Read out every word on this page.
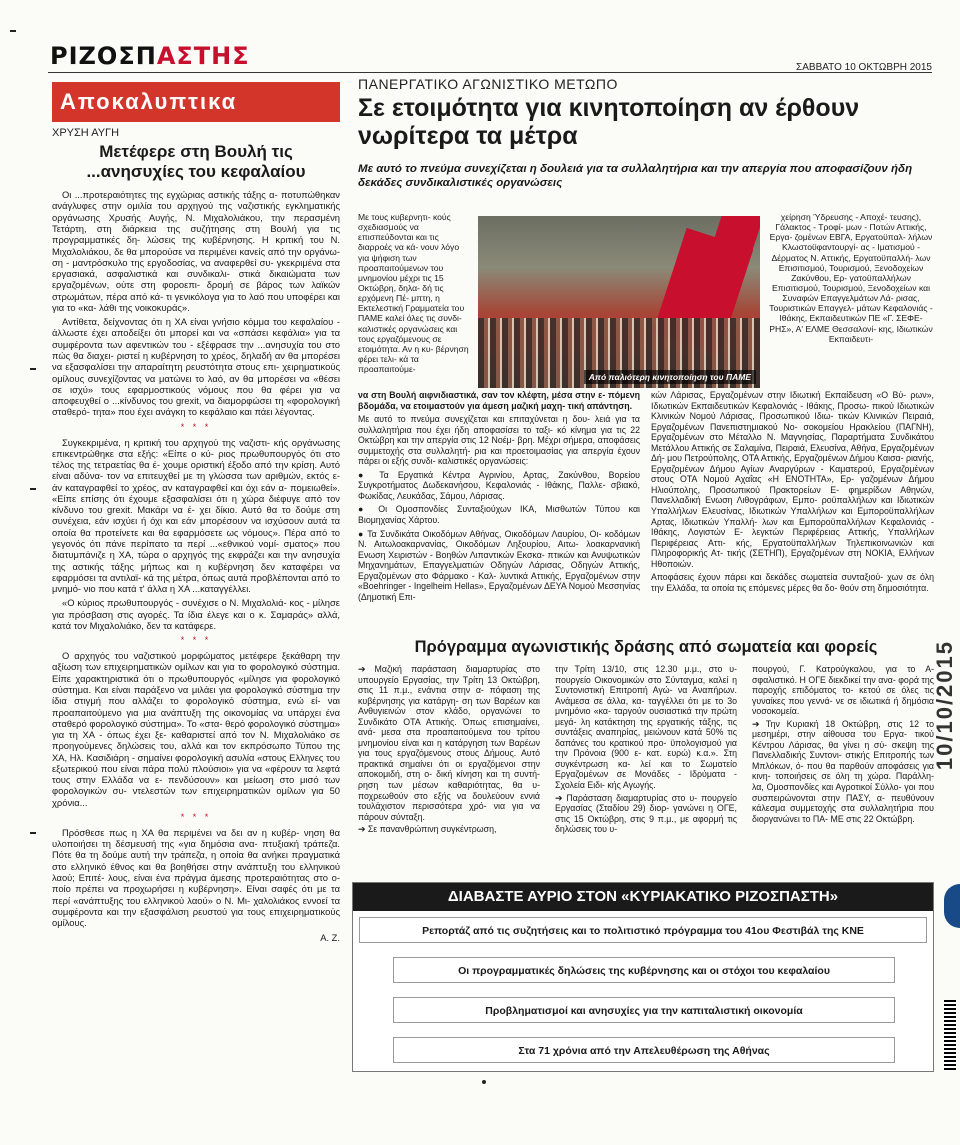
ΡΙΖΟΣΠΑΣΤΗΣ	ΣΑΒΒΑΤΟ 10 ΟΚΤΩΒΡΗ 2015
Αποκαλυπτικα
ΧΡΥΣΗ ΑΥΓΗ
Μετέφερε στη Βουλή τις ...ανησυχίες του κεφαλαίου

Οι ...προτεραιότητες της εγχώριας αστικής τάξης α- ποτυπώθηκαν ανάγλυφες στην ομιλία του αρχηγού της ναζιστικής εγκληματικής οργάνωσης Χρυσής Αυγής, Ν. Μιχαλολιάκου, την περασμένη Τετάρτη, στη διάρκεια της συζήτησης στη Βουλή για τις προγραμματικές δη- λώσεις της κυβέρνησης. Η κριτική του Ν. Μιχαλολιάκου, δε θα μπορούσε να περιμένει κανείς από την οργάνω- ση - μαντρόσκυλο της εργοδοσίας, να αναφερθεί συ- γκεκριμένα στα εργασιακά, ασφαλιστικά και συνδικαλι- στικά δικαιώματα των εργαζομένων, ούτε στη φοροεπι- δρομή σε βάρος των λαϊκών στρωμάτων, πέρα από κά- τι γενικόλογα για το λαό που υποφέρει και για το «κα- λάθι της νοικοκυράς».

Αντίθετα, δείχνοντας ότι η ΧΑ είναι γνήσιο κόμμα του κεφαλαίου - άλλωστε έχει αποδείξει ότι μπορεί και να «σπάσει κεφάλια» για τα συμφέροντα των αφεντικών του - εξέφρασε την ...ανησυχία του στο πώς θα διαχει- ριστεί η κυβέρνηση το χρέος, δηλαδή αν θα μπορέσει να εξασφαλίσει την απαραίτητη ρευστότητα στους επι- χειρηματικούς ομίλους συνεχίζοντας να ματώνει το λαό, αν θα μπορέσει να «θέσει σε ισχύ» τους εφαρμοστικούς νόμους που θα φέρει για να αποφευχθεί ο ...κίνδυνος του grexit, να διαμορφώσει τη «φορολογική σταθερό- τητα» που έχει ανάγκη το κεφάλαιο και πάει λέγοντας.

* * *

Συγκεκριμένα, η κριτική του αρχηγού της ναζιστι- κής οργάνωσης επικεντρώθηκε στα εξής: «Είπε ο κύ- ριος πρωθυπουργός ότι στο τέλος της τετραετίας θα έ- χουμε οριστική έξοδο από την κρίση. Αυτό είναι αδύνα- τον να επιτευχθεί με τη γλώσσα των αριθμών, εκτός ε- άν καταγραφθεί το χρέος, αν καταγραφθεί και όχι εάν α- πομειωθεί». «Είπε επίσης ότι έχουμε εξασφαλίσει ότι η χώρα διέφυγε από τον κίνδυνο του grexit. Μακάρι να έ- χει δίκιο. Αυτό θα το δούμε στη συνέχεια, εάν ισχύει ή όχι και εάν μπορέσουν να ισχύσουν αυτά τα οποία θα προτείνετε και θα εφαρμόσετε ως νόμους». Πέρα από το γεγονός ότι πάνε περίπατο τα περί ...«εθνικού νομί- σματος» που διατυμπάνιζε η ΧΑ, τώρα ο αρχηγός της εκφράζει και την ανησυχία της αστικής τάξης μήπως και η κυβέρνηση δεν καταφέρει να εφαρμόσει τα αντιλαϊ- κά της μέτρα, όπως αυτά προβλέπονται από το μνημό- νιο που κατά τ' άλλα η ΧΑ ...καταγγέλλει.

«Ο κύριος πρωθυπουργός - συνέχισε ο Ν. Μιχαλολιά- κος - μίλησε για πρόσβαση στις αγορές. Τα ίδια έλεγε και ο κ. Σαμαράς» αλλά, κατά τον Μιχαλολιάκο, δεν τα κατάφερε.

* * *

Ο αρχηγός του ναζιστικού μορφώματος μετέφερε ξεκάθαρη την αξίωση των επιχειρηματικών ομίλων και για το φορολογικό σύστημα. Είπε χαρακτηριστικά ότι ο πρωθυπουργός «μίλησε για φορολογικό σύστημα. Και είναι παράξενο να μιλάει για φορολογικό σύστημα την ίδια στιγμή που αλλάζει το φορολογικό σύστημα, ενώ εί- ναι προαπαιτούμενο για μια ανάπτυξη της οικονομίας να υπάρχει ένα σταθερό φορολογικό σύστημα». Το «στα- θερό φορολογικό σύστημα» για τη ΧΑ - όπως έχει ξε- καθαριστεί από τον Ν. Μιχαλολιάκο σε προηγούμενες δηλώσεις του, αλλά και τον εκπρόσωπο Τύπου της ΧΑ, Ηλ. Κασιδιάρη - σημαίνει φορολογική ασυλία «στους Ελληνες του εξωτερικού που είναι πάρα πολύ πλούσιοι» για να «φέρουν τα λεφτά τους στην Ελλάδα να ε- πενδύσουν» και μείωση στο μισό των φορολογικών συ- ντελεστών των επιχειρηματικών ομίλων για 50 χρόνια...

* * *

Πρόσθεσε πως η ΧΑ θα περιμένει να δει αν η κυβέρ- νηση θα υλοποιήσει τη δέσμευσή της «για δημόσια ανα- πτυξιακή τράπεζα. Πότε θα τη δούμε αυτή την τράπεζα, η οποία θα ανήκει πραγματικά στο ελληνικό έθνος και θα βοηθήσει στην ανάπτυξη του ελληνικού λαού; Επιτέ- λους, είναι ένα πράγμα άμεσης προτεραιότητας στο ο- ποίο πρέπει να προχωρήσει η κυβέρνηση». Είναι σαφές ότι με τα περί «ανάπτυξης του ελληνικού λαού» ο Ν. Μι- χαλολιάκος εννοεί τα συμφέροντα και την εξασφάλιση ρευστού για τους επιχειρηματικούς ομίλους.

Α. Ζ.
ΠΑΝΕΡΓΑΤΙΚΟ ΑΓΩΝΙΣΤΙΚΟ ΜΕΤΩΠΟ
Σε ετοιμότητα για κινητοποίηση αν έρθουν νωρίτερα τα μέτρα
Με αυτό το πνεύμα συνεχίζεται η δουλειά για τα συλλαλητήρια και την απεργία που αποφασίζουν ήδη δεκάδες συνδικαλιστικές οργανώσεις
Με τους κυβερνητι- κούς σχεδιασμούς να επισπεύδονται και τις διαρροές να κά- νουν λόγο για ψήφιση των προαπαιτούμενων του μνημονίου μέχρι τις 15 Οκτώβρη, δηλα- δή τις ερχόμενη Πέ- μπτη, η Εκτελεστική Γραμματεία του ΠΑΜΕ καλεί όλες τις συνδι- καλιστικές οργανώσεις και τους εργαζόμενους σε ετοιμότητα. Αν η κυ- βέρνηση φέρει τελι- κά τα προαπαιτούμε-
Από παλιότερη κινητοποίηση του ΠΑΜΕ
χείρηση Ύδρευσης - Αποχέ- τευσης), Γάλακτος - Τροφί- μων - Ποτών Αττικής, Εργα- ζομένων ΕΒΓΑ, Εργατοϋπαλ- λήλων Κλωστοϋφαντουργί- ας - Ιματισμού - Δέρματος Ν. Αττικής, Εργατοϋπαλλή- λων Επισιτισμού, Τουρισμού, Ξενοδοχείων Ζακύνθου, Ερ- γατοϋπαλλήλων Επισιτισμού, Τουρισμού, Ξενοδοχείων και Συναφών Επαγγελμάτων Λά- ρισας, Τουριστικών Επαγγελ- μάτων Κεφαλονιάς - Ιθάκης, Εκπαιδευτικών ΠΕ «Γ. ΣΕΦΕ- ΡΗΣ», Α' ΕΛΜΕ Θεσσαλονί- κης, Ιδιωτικών Εκπαιδευτι-

να στη Βουλή αιφνιδιαστικά, σαν τον κλέφτη, μέσα στην ε- πόμενη βδομάδα, να ετοιμαστούν για άμεση μαζική μαχη- τική απάντηση.

Με αυτό το πνεύμα συνεχίζεται και επιταχύνεται η δου- λειά για τα συλλαλητήρια που έχει ήδη αποφασίσει το ταξι- κό κίνημα για τις 22 Οκτώβρη και την απεργία στις 12 Νοέμ- βρη. Μέχρι σήμερα, αποφάσεις συμμετοχής στα συλλαλητή- ρια και προετοιμασίας για απεργία έχουν πάρει οι εξής συνδι- καλιστικές οργανώσεις:

● Τα Εργατικά Κέντρα Αγρινίου, Αρτας, Ζακύνθου, Βορείου Συγκροτήματος Δωδεκανήσου, Κεφαλονιάς - Ιθάκης, Παλλε- σβιακό, Φωκίδας, Λευκάδας, Σάμου, Λάρισας.

● Οι Ομοσπονδίες Συνταξιούχων ΙΚΑ, Μισθωτών Τύπου και Βιομηχανίας Χάρτου.

● Τα Συνδικάτα Οικοδόμων Αθήνας, Οικοδόμων Λαυρίου, Οι- κοδόμων Ν. Αιτωλοακαρνανίας, Οικοδόμων Ληξουρίου, Αιτω- λοακαρνανική Ενωση Χειριστών - Βοηθών Λιπαντικών Εκσκα- πτικών και Ανυψωτικών Μηχανημάτων, Επαγγελματιών Οδηγών Λάρισας, Οδηγών Αττικής, Εργαζομένων στο Φάρμακο - Καλ- λυντικά Αττικής, Εργαζομένων στην «Boehringer - Ingelheim Hellas», Εργαζομένων ΔΕΥΑ Νομού Μεσσηνίας (Δημοτική Επι-

κών Λάρισας, Εργαζομένων στην Ιδιωτική Εκπαίδευση «Ο Βύ- ρων», Ιδιωτικών Εκπαιδευτικών Κεφαλονιάς - Ιθάκης, Προσω- πικού Ιδιωτικών Κλινικών Νομού Λάρισας, Προσωπικού Ιδιω- τικών Κλινικών Πειραιά, Εργαζομένων Πανεπιστημιακού Νο- σοκομείου Ηρακλείου (ΠΑΓΝΗ), Εργαζομένων στο Μέταλλο Ν. Μαγνησίας, Παραρτήματα Συνδικάτου Μετάλλου Αττικής σε Σαλαμίνα, Πειραιά, Ελευσίνα, Αθήνα, Εργαζομένων Δή- μου Πετρούπολης, ΟΤΑ Αττικής, Εργαζομένων Δήμου Καισα- ριανής, Εργαζομένων Δήμου Αγίων Αναργύρων - Καματερού, Εργαζομένων στους ΟΤΑ Νομού Αχαΐας «Η ΕΝΟΤΗΤΑ», Ερ- γαζομένων Δήμου Ηλιούπολης, Προσωπικού Πρακτορείων Ε- φημερίδων Αθηνών, Πανελλαδική Ενωση Λιθογράφων, Εμπο- ροϋπαλλήλων και Ιδιωτικών Υπαλλήλων Ελευσίνας, Ιδιωτικών Υπαλλήλων και Εμποροϋπαλλήλων Αρτας, Ιδιωτικών Υπαλλή- λων και Εμποροϋπαλλήλων Κεφαλονιάς - Ιθάκης, Λογιστών Ε- λεγκτών Περιφέρειας Αττικής, Υπαλλήλων Περιφέρειας Αττι- κής, Εργατοϋπαλλήλων Τηλεπικοινωνιών και Πληροφορικής Ατ- τικής (ΣΕΤΗΠ), Εργαζομένων στη NOKIA, Ελλήνων Ηθοποιών.

Αποφάσεις έχουν πάρει και δεκάδες σωματεία συνταξιού- χων σε όλη την Ελλάδα, τα οποία τις επόμενες μέρες θα δο- θούν στη δημοσιότητα.

Πρόγραμμα αγωνιστικής δράσης από σωματεία και φορείς

➔ Μαζική παράσταση διαμαρτυρίας στο υπουργείο Εργασίας, την Τρίτη 13 Οκτώβρη, στις 11 π.μ., ενάντια στην α- πόφαση της κυβέρνησης για κατάργη- ση των Βαρέων και Ανθυγιεινών στον κλάδο, οργανώνει το Συνδικάτο ΟΤΑ Αττικής. Όπως επισημαίνει, ανά- μεσα στα προαπαιτούμενα του τρίτου μνημονίου είναι και η κατάργηση των Βαρέων για τους εργαζόμενους στους Δήμους. Αυτό πρακτικά σημαίνει ότι οι εργαζόμενοι στην αποκομιδή, στη ο- δική κίνηση και τη συντή- ρηση των μέσων καθαριότητας, θα υ- ποχρεωθούν στο εξής να δουλεύουν εννιά τουλάχιστον περισσότερα χρό- νια για να πάρουν σύνταξη.

➔ Σε πανανθρώπινη συγκέντρωση,

την Τρίτη 13/10, στις 12.30 μ.μ., στο υ- πουργείο Οικονομικών στο Σύνταγμα, καλεί η Συντονιστική Επιτροπή Αγώ- να Αναπήρων. Ανάμεσα σε άλλα, κα- ταγγέλλει ότι με το 3ο μνημόνιο «κα- ταργούν ουσιαστικά την πρώτη μεγά- λη κατάκτηση της εργατικής τάξης, τις συντάξεις αναπηρίας, μειώνουν κατά 50% τις δαπάνες του κρατικού προ- ϋπολογισμού για την Πρόνοια (900 ε- κατ. ευρώ) κ.α.». Στη συγκέντρωση κα- λεί και το Σωματείο Εργαζομένων σε Μονάδες - Ιδρύματα - Σχολεία Ειδι- κής Αγωγής.

➔ Παράσταση διαμαρτυρίας στο υ- πουργείο Εργασίας (Σταδίου 29) διορ- γανώνει η ΟΓΕ, στις 15 Οκτώβρη, στις 9 π.μ., με αφορμή τις δηλώσεις του υ-

πουργού, Γ. Κατρούγκαλου, για το Α- σφαλιστικό. Η ΟΓΕ διεκδικεί την ανα- φορά της παροχής επιδόματος το- κετού σε όλες τις γυναίκες που γεννά- νε σε ιδιωτικά ή δημόσια νοσοκομεία.

➔ Την Κυριακή 18 Οκτώβρη, στις 12 το μεσημέρι, στην αίθουσα του Εργα- τικού Κέντρου Λάρισας, θα γίνει η σύ- σκεψη της Πανελλαδικής Συντονι- στικής Επιτροπής των Μπλόκων, ό- που θα παρθούν αποφάσεις για κινη- τοποιήσεις σε όλη τη χώρα. Παράλλη- λα, Ομοσπονδίες και Αγροτικοί Σύλλο- γοι που συσπειρώνονται στην ΠΑΣΥ, α- πευθύνουν κάλεσμα συμμετοχής στα συλλαλητήρια που διοργανώνει το ΠΑ- ΜΕ στις 22 Οκτώβρη.

ΔΙΑΒΑΣΤΕ ΑΥΡΙΟ ΣΤΟΝ «ΚΥΡΙΑΚΑΤΙΚΟ ΡΙΖΟΣΠΑΣΤΗ»
Ρεπορτάζ από τις συζητήσεις και το πολιτιστικό πρόγραμμα του 41ου Φεστιβάλ της ΚΝΕ
Οι προγραμματικές δηλώσεις της κυβέρνησης και οι στόχοι του κεφαλαίου
Προβληματισμοί και ανησυχίες για την καπιταλιστική οικονομία
Στα 71 χρόνια από την Απελευθέρωση της Αθήνας
10/10/2015
